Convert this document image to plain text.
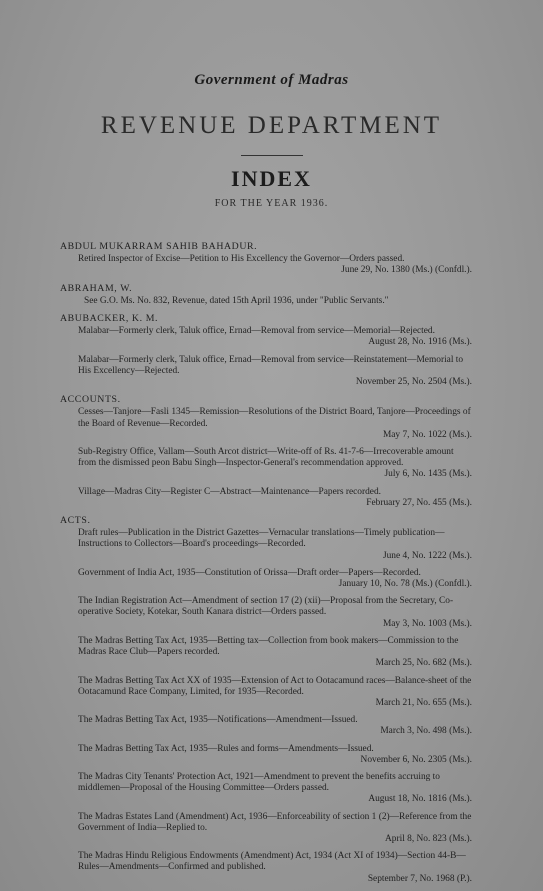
Government of Madras
REVENUE DEPARTMENT
INDEX
FOR THE YEAR 1936.
ABDUL MUKARRAM SAHIB BAHADUR.
Retired Inspector of Excise—Petition to His Excellency the Governor—Orders passed.
June 29, No. 1380 (Ms.) (Confdl.).
ABRAHAM, W.
See G.O. Ms. No. 832, Revenue, dated 15th April 1936, under "Public Servants."
ABUBACKER, K. M.
Malabar—Formerly clerk, Taluk office, Ernad—Removal from service—Memorial—Rejected.
August 28, No. 1916 (Ms.).
Malabar—Formerly clerk, Taluk office, Ernad—Removal from service—Reinstatement—Memorial to His Excellency—Rejected.
November 25, No. 2504 (Ms.).
ACCOUNTS.
Cesses—Tanjore—Fasli 1345—Remission—Resolutions of the District Board, Tanjore—Proceedings of the Board of Revenue—Recorded.
May 7, No. 1022 (Ms.).
Sub-Registry Office, Vallam—South Arcot district—Write-off of Rs. 41-7-6—Irrecoverable amount from the dismissed peon Babu Singh—Inspector-General's recommendation approved.
July 6, No. 1435 (Ms.).
Village—Madras City—Register C—Abstract—Maintenance—Papers recorded.
February 27, No. 455 (Ms.).
ACTS.
Draft rules—Publication in the District Gazettes—Vernacular translations—Timely publication—Instructions to Collectors—Board's proceedings—Recorded.
June 4, No. 1222 (Ms.).
Government of India Act, 1935—Constitution of Orissa—Draft order—Papers—Recorded.
January 10, No. 78 (Ms.) (Confdl.).
The Indian Registration Act—Amendment of section 17 (2) (xii)—Proposal from the Secretary, Co-operative Society, Kotekar, South Kanara district—Orders passed.
May 3, No. 1003 (Ms.).
The Madras Betting Tax Act, 1935—Betting tax—Collection from book makers—Commission to the Madras Race Club—Papers recorded.
March 25, No. 682 (Ms.).
The Madras Betting Tax Act XX of 1935—Extension of Act to Ootacamund races—Balance-sheet of the Ootacamund Race Company, Limited, for 1935—Recorded.
March 21, No. 655 (Ms.).
The Madras Betting Tax Act, 1935—Notifications—Amendment—Issued.
March 3, No. 498 (Ms.).
The Madras Betting Tax Act, 1935—Rules and forms—Amendments—Issued.
November 6, No. 2305 (Ms.).
The Madras City Tenants' Protection Act, 1921—Amendment to prevent the benefits accruing to middlemen—Proposal of the Housing Committee—Orders passed.
August 18, No. 1816 (Ms.).
The Madras Estates Land (Amendment) Act, 1936—Enforceability of section 1 (2)—Reference from the Government of India—Replied to.
April 8, No. 823 (Ms.).
The Madras Hindu Religious Endowments (Amendment) Act, 1934 (Act XI of 1934)—Section 44-B—Rules—Amendments—Confirmed and published.
September 7, No. 1968 (P.).
